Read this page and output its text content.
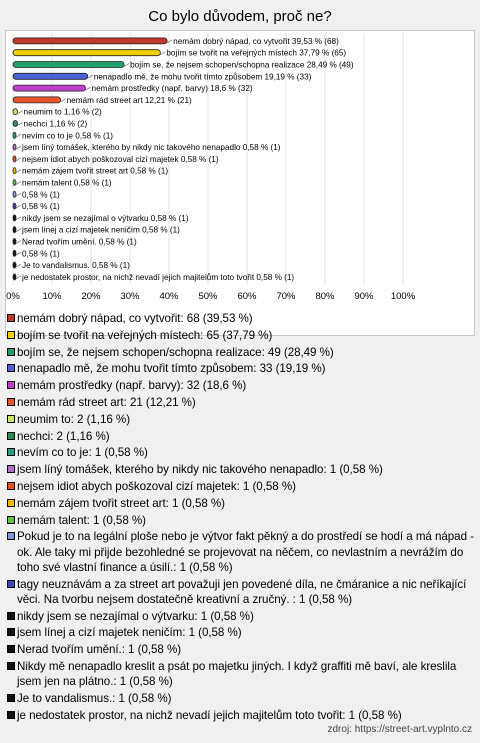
Co bylo důvodem, proč ne?
0% 10% 20% 30% 40% 50% 60% 70% 80% 90% 100%
nemám dobrý nápad, co vytvořit 39,53 % (68)
bojím se tvořit na veřejných místech 37,79 % (65)
bojím se, že nejsem schopen/schopna realizace 28,49 % (49)
nenapadlo mě, že mohu tvořit tímto způsobem 19,19 % (33)
nemám prostředky (např. barvy) 18,6 % (32)
nemám rád street art 12,21 % (21)
neumim to 1,16 % (2)
nechci 1,16 % (2)
nevím co to je 0,58 % (1)
jsem líný tomášek, kterého by nikdy nic takového nenapadlo 0,58 % (1)
nejsem idiot abych poškozoval cizí majetek 0,58 % (1)
nemám zájem tvořit street art 0,58 % (1)
nemám talent 0,58 % (1)
0,58 % (1)
0,58 % (1)
nikdy jsem se nezajímal o výtvarku 0,58 % (1)
jsem línej a cizí majetek neničím 0,58 % (1)
Nerad tvořím umění. 0,58 % (1)
0,58 % (1)
Je to vandalismus. 0,58 % (1)
je nedostatek prostor, na nichž nevadí jejich majitelům toto tvořit 0,58 % (1)
nemám dobrý nápad, co vytvořit: 68 (39,53 %)
bojím se tvořit na veřejných místech: 65 (37,79 %)
bojím se, že nejsem schopen/schopna realizace: 49 (28,49 %)
nenapadlo mě, že mohu tvořit tímto způsobem: 33 (19,19 %)
nemám prostředky (např. barvy): 32 (18,6 %)
nemám rád street art: 21 (12,21 %)
neumim to: 2 (1,16 %)
nechci: 2 (1,16 %)
nevím co to je: 1 (0,58 %)
jsem líný tomášek, kterého by nikdy nic takového nenapadlo: 1 (0,58 %)
nejsem idiot abych poškozoval cizí majetek: 1 (0,58 %)
nemám zájem tvořit street art: 1 (0,58 %)
nemám talent: 1 (0,58 %)
Pokud je to na legální ploše nebo je výtvor fakt pěkný a do prostředí se hodí a má nápad - ok. Ale taky mi přijde bezohledné se projevovat na něčem, co nevlastním a nevrážím do toho své vlastní finance a úsilí.: 1 (0,58 %)
tagy neuznávám a za street art považuji jen povedené díla, ne čmáranice a nic neříkající věci. Na tvorbu nejsem dostatečně kreativní a zručný. : 1 (0,58 %)
nikdy jsem se nezajímal o výtvarku: 1 (0,58 %)
jsem línej a cizí majetek neničím: 1 (0,58 %)
Nerad tvořím umění.: 1 (0,58 %)
Nikdy mě nenapadlo kreslit a psát po majetku jiných. I když graffiti mě baví, ale kreslila jsem jen na plátno.: 1 (0,58 %)
Je to vandalismus.: 1 (0,58 %)
je nedostatek prostor, na nichž nevadí jejich majitelům toto tvořit: 1 (0,58 %)
zdroj: https://street-art.vyplnto.cz
